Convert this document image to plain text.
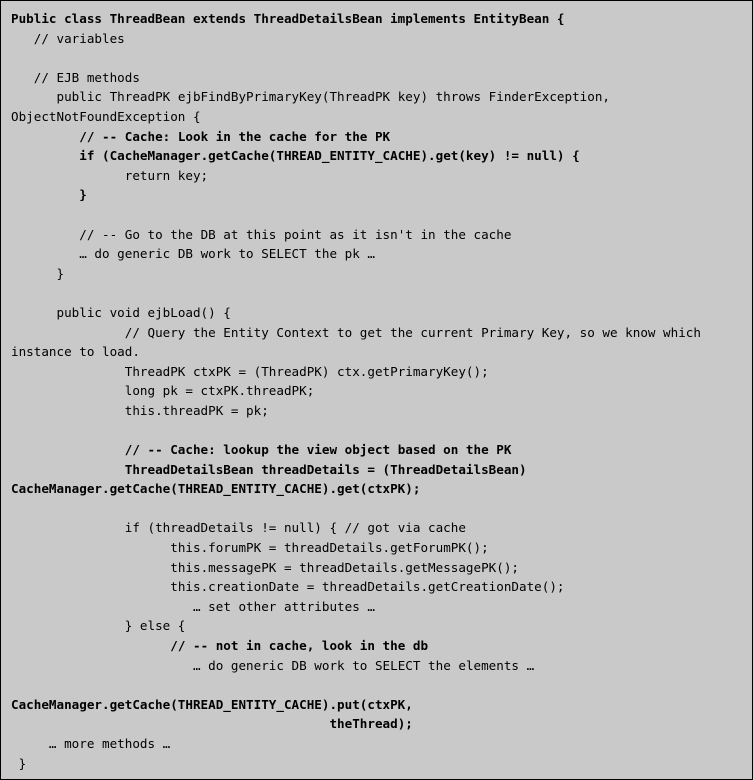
Public class ThreadBean extends ThreadDetailsBean implements EntityBean {
// variables

// EJB methods
public ThreadPK ejbFindByPrimaryKey(ThreadPK key) throws FinderException, ObjectNotFoundException {
// -- Cache: Look in the cache for the PK
if (CacheManager.getCache(THREAD_ENTITY_CACHE).get(key) != null) {
return key;
}

// -- Go to the DB at this point as it isn't in the cache
… do generic DB work to SELECT the pk …
}

public void ejbLoad() {
// Query the Entity Context to get the current Primary Key, so we know which instance to load.
ThreadPK ctxPK = (ThreadPK) ctx.getPrimaryKey();
long pk = ctxPK.threadPK;
this.threadPK = pk;

// -- Cache: lookup the view object based on the PK
ThreadDetailsBean threadDetails = (ThreadDetailsBean) CacheManager.getCache(THREAD_ENTITY_CACHE).get(ctxPK);

if (threadDetails != null) { // got via cache
this.forumPK = threadDetails.getForumPK();
this.messagePK = threadDetails.getMessagePK();
this.creationDate = threadDetails.getCreationDate();
… set other attributes …
} else {
// -- not in cache, look in the db
… do generic DB work to SELECT the elements …

CacheManager.getCache(THREAD_ENTITY_CACHE).put(ctxPK,
theThread);
… more methods …
}
